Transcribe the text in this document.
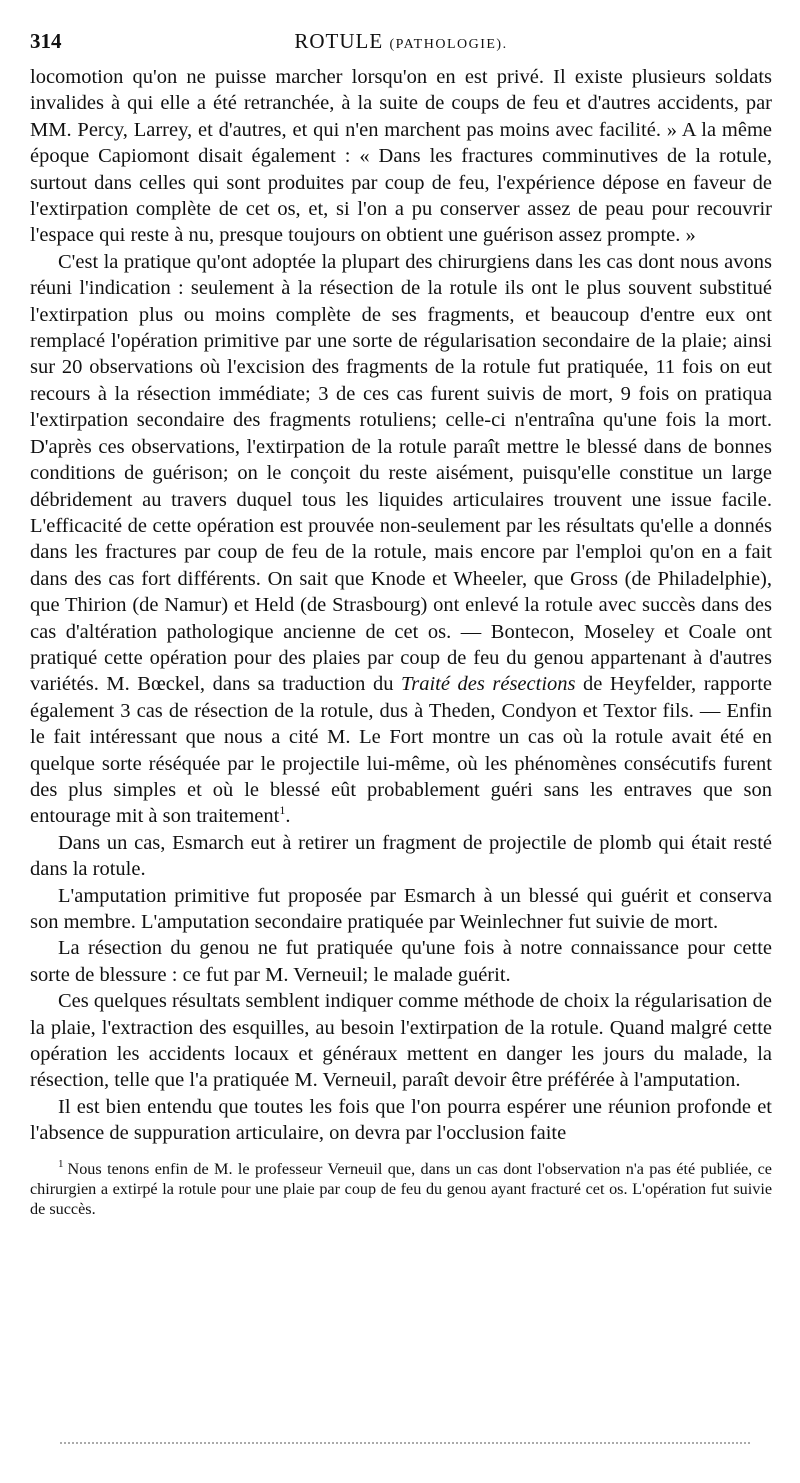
314	ROTULE (PATHOLOGIE).

locomotion qu'on ne puisse marcher lorsqu'on en est privé. Il existe plusieurs soldats invalides à qui elle a été retranchée, à la suite de coups de feu et d'autres accidents, par MM. Percy, Larrey, et d'autres, et qui n'en marchent pas moins avec facilité. » A la même époque Capiomont disait également : « Dans les fractures comminutives de la rotule, surtout dans celles qui sont produites par coup de feu, l'expérience dépose en faveur de l'extirpation complète de cet os, et, si l'on a pu conserver assez de peau pour recouvrir l'espace qui reste à nu, presque toujours on obtient une guérison assez prompte. »

C'est la pratique qu'ont adoptée la plupart des chirurgiens dans les cas dont nous avons réuni l'indication : seulement à la résection de la rotule ils ont le plus souvent substitué l'extirpation plus ou moins complète de ses fragments, et beaucoup d'entre eux ont remplacé l'opération primitive par une sorte de régularisation secondaire de la plaie; ainsi sur 20 observations où l'excision des fragments de la rotule fut pratiquée, 11 fois on eut recours à la résection immédiate; 3 de ces cas furent suivis de mort, 9 fois on pratiqua l'extirpation secondaire des fragments rotuliens; celle-ci n'entraîna qu'une fois la mort. D'après ces observations, l'extirpation de la rotule paraît mettre le blessé dans de bonnes conditions de guérison; on le conçoit du reste aisément, puisqu'elle constitue un large débridement au travers duquel tous les liquides articulaires trouvent une issue facile. L'efficacité de cette opération est prouvée non-seulement par les résultats qu'elle a donnés dans les fractures par coup de feu de la rotule, mais encore par l'emploi qu'on en a fait dans des cas fort différents. On sait que Knode et Wheeler, que Gross (de Philadelphie), que Thirion (de Namur) et Held (de Strasbourg) ont enlevé la rotule avec succès dans des cas d'altération pathologique ancienne de cet os. — Bontecon, Moseley et Coale ont pratiqué cette opération pour des plaies par coup de feu du genou appartenant à d'autres variétés. M. Bœckel, dans sa traduction du Traité des résections de Heyfelder, rapporte également 3 cas de résection de la rotule, dus à Theden, Condyon et Textor fils. — Enfin le fait intéressant que nous a cité M. Le Fort montre un cas où la rotule avait été en quelque sorte réséquée par le projectile lui-même, où les phénomènes consécutifs furent des plus simples et où le blessé eût probablement guéri sans les entraves que son entourage mit à son traitement$^1$.

Dans un cas, Esmarch eut à retirer un fragment de projectile de plomb qui était resté dans la rotule.

L'amputation primitive fut proposée par Esmarch à un blessé qui guérit et conserva son membre. L'amputation secondaire pratiquée par Weinlechner fut suivie de mort.

La résection du genou ne fut pratiquée qu'une fois à notre connaissance pour cette sorte de blessure : ce fut par M. Verneuil; le malade guérit.

Ces quelques résultats semblent indiquer comme méthode de choix la régularisation de la plaie, l'extraction des esquilles, au besoin l'extirpation de la rotule. Quand malgré cette opération les accidents locaux et généraux mettent en danger les jours du malade, la résection, telle que l'a pratiquée M. Verneuil, paraît devoir être préférée à l'amputation.

Il est bien entendu que toutes les fois que l'on pourra espérer une réunion profonde et l'absence de suppuration articulaire, on devra par l'occlusion faite

$^1$ Nous tenons enfin de M. le professeur Verneuil que, dans un cas dont l'observation n'a pas été publiée, ce chirurgien a extirpé la rotule pour une plaie par coup de feu du genou ayant fracturé cet os. L'opération fut suivie de succès.
